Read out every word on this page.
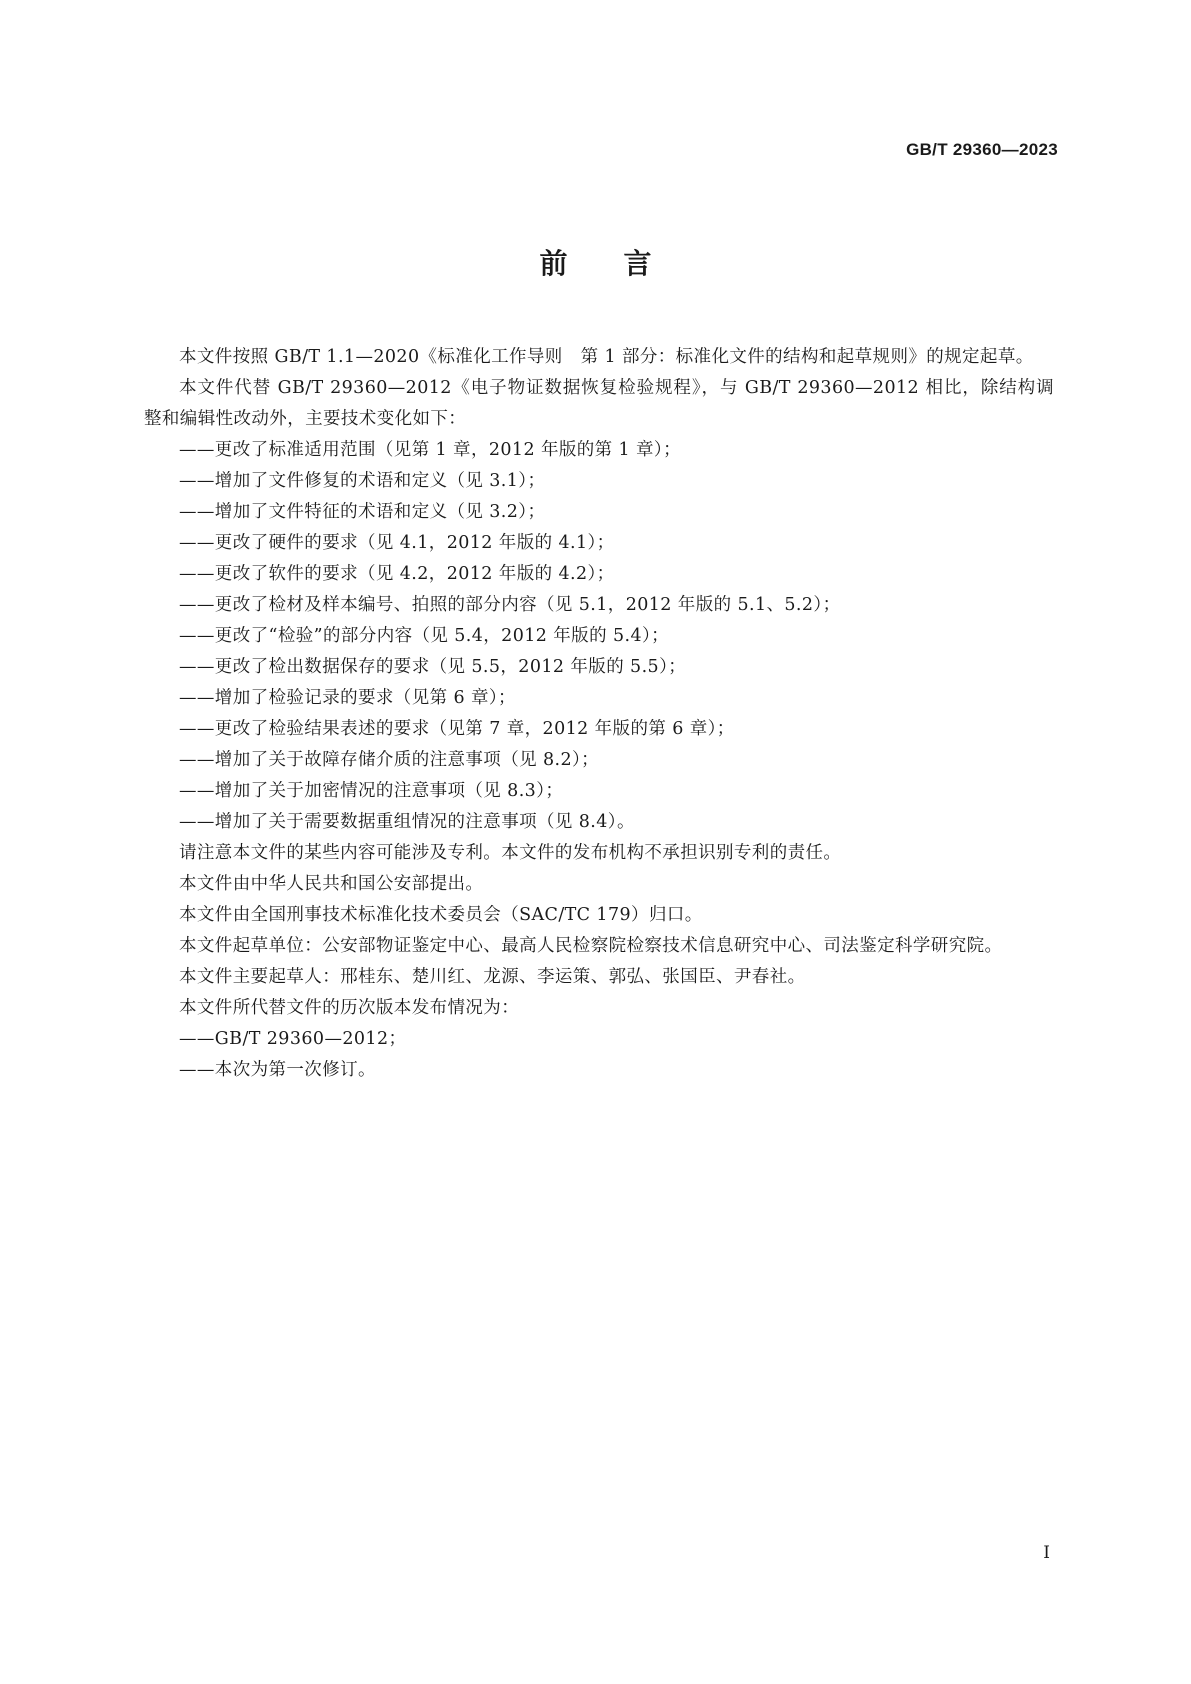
GB/T 29360—2023
前　　言

本文件按照 GB/T 1.1—2020《标准化工作导则　第 1 部分：标准化文件的结构和起草规则》的规定起草。

本文件代替 GB/T 29360—2012《电子物证数据恢复检验规程》，与 GB/T 29360—2012 相比，除结构调整和编辑性改动外，主要技术变化如下：

——更改了标准适用范围（见第 1 章，2012 年版的第 1 章）；

——增加了文件修复的术语和定义（见 3.1）；

——增加了文件特征的术语和定义（见 3.2）；

——更改了硬件的要求（见 4.1，2012 年版的 4.1）；

——更改了软件的要求（见 4.2，2012 年版的 4.2）；

——更改了检材及样本编号、拍照的部分内容（见 5.1，2012 年版的 5.1、5.2）；

——更改了“检验”的部分内容（见 5.4，2012 年版的 5.4）；

——更改了检出数据保存的要求（见 5.5，2012 年版的 5.5）；

——增加了检验记录的要求（见第 6 章）；

——更改了检验结果表述的要求（见第 7 章，2012 年版的第 6 章）；

——增加了关于故障存储介质的注意事项（见 8.2）；

——增加了关于加密情况的注意事项（见 8.3）；

——增加了关于需要数据重组情况的注意事项（见 8.4）。

请注意本文件的某些内容可能涉及专利。本文件的发布机构不承担识别专利的责任。

本文件由中华人民共和国公安部提出。

本文件由全国刑事技术标准化技术委员会（SAC/TC 179）归口。

本文件起草单位：公安部物证鉴定中心、最高人民检察院检察技术信息研究中心、司法鉴定科学研究院。

本文件主要起草人：邢桂东、楚川红、龙源、李运策、郭弘、张国臣、尹春社。

本文件所代替文件的历次版本发布情况为：

——GB/T 29360—2012；

——本次为第一次修订。

I
